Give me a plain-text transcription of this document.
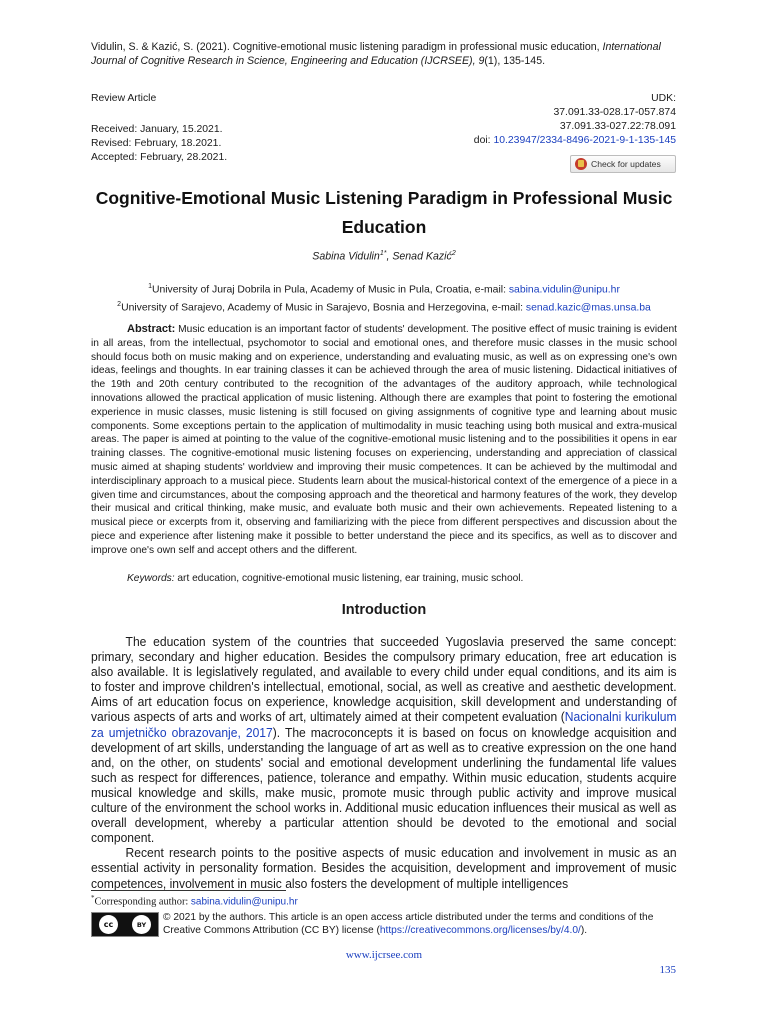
Vidulin, S. & Kazić, S. (2021). Cognitive-emotional music listening paradigm in professional music education, International Journal of Cognitive Research in Science, Engineering and Education (IJCRSEE), 9(1), 135-145.
Review Article
Received: January, 15.2021.
Revised: February, 18.2021.
Accepted: February, 28.2021.
UDK:
37.091.33-028.17-057.874
37.091.33-027.22:78.091
doi: 10.23947/2334-8496-2021-9-1-135-145
Check for updates
Cognitive-Emotional Music Listening Paradigm in Professional Music Education
Sabina Vidulin$^{1*}$, Senad Kazić$^2$
$^1$University of Juraj Dobrila in Pula, Academy of Music in Pula, Croatia, e-mail: sabina.vidulin@unipu.hr
$^2$University of Sarajevo, Academy of Music in Sarajevo, Bosnia and Herzegovina, e-mail: senad.kazic@mas.unsa.ba

Abstract: Music education is an important factor of students' development. The positive effect of music training is evident in all areas, from the intellectual, psychomotor to social and emotional ones, and therefore music classes in the music school should focus both on music making and on experience, understanding and evaluating music, as well as on expressing one's own ideas, feelings and thoughts. In ear training classes it can be achieved through the area of music listening. Didactical initiatives of the 19th and 20th century contributed to the recognition of the advantages of the auditory approach, while technological innovations allowed the practical application of music listening. Although there are examples that point to fostering the emotional experience in music classes, music listening is still focused on giving assignments of cognitive type and learning about music components. Some exceptions pertain to the application of multimodality in music teaching using both musical and extra-musical areas. The paper is aimed at pointing to the value of the cognitive-emotional music listening and to the possibilities it opens in ear training classes. The cognitive-emotional music listening focuses on experiencing, understanding and appreciation of classical music aimed at shaping students' worldview and improving their music competences. It can be achieved by the multimodal and interdisciplinary approach to a musical piece. Students learn about the musical-historical context of the emergence of a piece in a given time and circumstances, about the composing approach and the theoretical and harmony features of the work, they develop their musical and critical thinking, make music, and evaluate both music and their own achievements. Repeated listening to a musical piece or excerpts from it, observing and familiarizing with the piece from different perspectives and discussion about the piece and experience after listening make it possible to better understand the piece and its specifics, as well as to discover and improve one's own self and accept others and the different.

Keywords: art education, cognitive-emotional music listening, ear training, music school.
Introduction

The education system of the countries that succeeded Yugoslavia preserved the same concept: primary, secondary and higher education. Besides the compulsory primary education, free art education is also available. It is legislatively regulated, and available to every child under equal conditions, and its aim is to foster and improve children's intellectual, emotional, social, as well as creative and aesthetic development. Aims of art education focus on experience, knowledge acquisition, skill development and understanding of various aspects of arts and works of art, ultimately aimed at their competent evaluation (Nacionalni kurikulum za umjetničko obrazovanje, 2017). The macroconcepts it is based on focus on knowledge acquisition and development of art skills, understanding the language of art as well as to creative expression on the one hand and, on the other, on students' social and emotional development underlining the fundamental life values such as respect for differences, patience, tolerance and empathy. Within music education, students acquire musical knowledge and skills, make music, promote music through public activity and improve musical culture of the environment the school works in. Additional music education influences their musical as well as overall development, whereby a particular attention should be devoted to the emotional and social component.

Recent research points to the positive aspects of music education and involvement in music as an essential activity in personality formation. Besides the acquisition, development and improvement of music competences, involvement in music also fosters the development of multiple intelligences

*Corresponding author: sabina.vidulin@unipu.hr
cc	BY
© 2021 by the authors. This article is an open access article distributed under the terms and conditions of the Creative Commons Attribution (CC BY) license (https://creativecommons.org/licenses/by/4.0/).
www.ijcrsee.com
135
